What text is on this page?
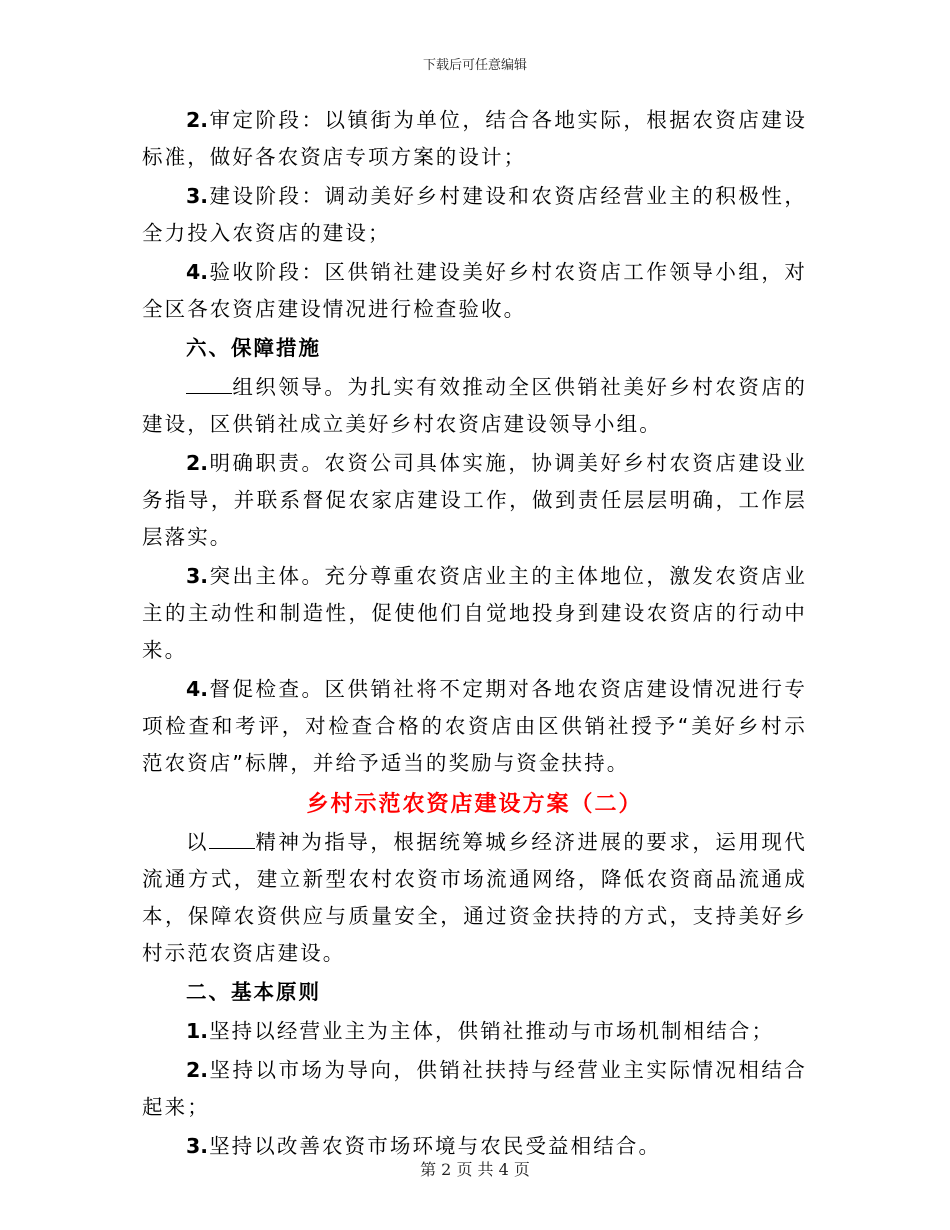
下载后可任意编辑

2.审定阶段：以镇街为单位，结合各地实际，根据农资店建设标准，做好各农资店专项方案的设计；

3.建设阶段：调动美好乡村建设和农资店经营业主的积极性，全力投入农资店的建设；

4.验收阶段：区供销社建设美好乡村农资店工作领导小组，对全区各农资店建设情况进行检查验收。

六、保障措施

组织领导。为扎实有效推动全区供销社美好乡村农资店的建设，区供销社成立美好乡村农资店建设领导小组。

2.明确职责。农资公司具体实施，协调美好乡村农资店建设业务指导，并联系督促农家店建设工作，做到责任层层明确，工作层层落实。

3.突出主体。充分尊重农资店业主的主体地位，激发农资店业主的主动性和制造性，促使他们自觉地投身到建设农资店的行动中来。

4.督促检查。区供销社将不定期对各地农资店建设情况进行专项检查和考评，对检查合格的农资店由区供销社授予“美好乡村示范农资店”标牌，并给予适当的奖励与资金扶持。

乡村示范农资店建设方案（二）

以 精神为指导，根据统筹城乡经济进展的要求，运用现代流通方式，建立新型农村农资市场流通网络，降低农资商品流通成本，保障农资供应与质量安全，通过资金扶持的方式，支持美好乡村示范农资店建设。

二、基本原则

1.坚持以经营业主为主体，供销社推动与市场机制相结合；

2.坚持以市场为导向，供销社扶持与经营业主实际情况相结合起来；

3.坚持以改善农资市场环境与农民受益相结合。

第 2 页 共 4 页
